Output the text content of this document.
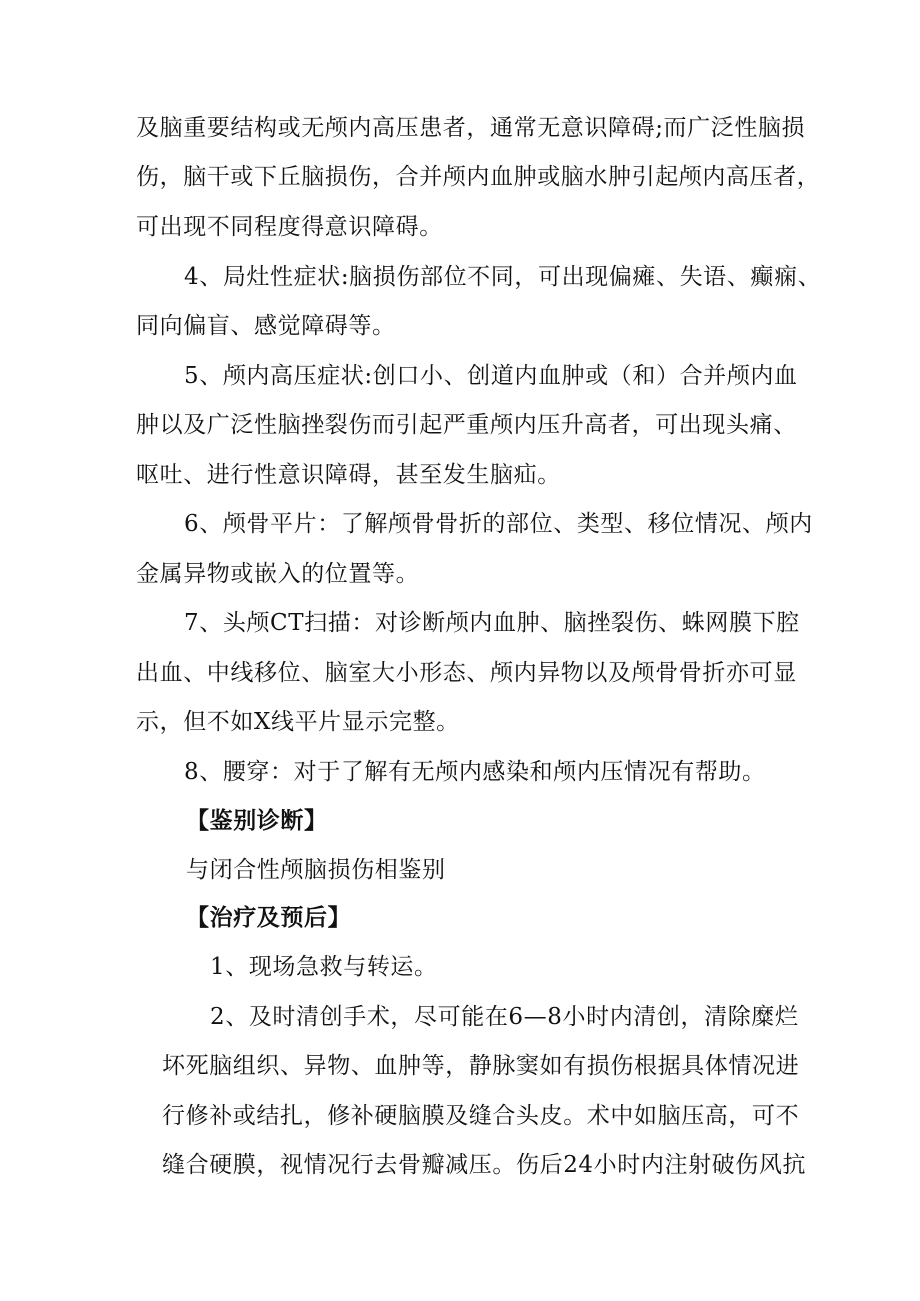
及脑重要结构或无颅内高压患者，通常无意识障碍;而广泛性脑损
伤，脑干或下丘脑损伤，合并颅内血肿或脑水肿引起颅内高压者，
可出现不同程度得意识障碍。
4、局灶性症状:脑损伤部位不同，可出现偏瘫、失语、癫痫、
同向偏盲、感觉障碍等。
5、颅内高压症状:创口小、创道内血肿或（和）合并颅内血
肿以及广泛性脑挫裂伤而引起严重颅内压升高者，可出现头痛、
呕吐、进行性意识障碍，甚至发生脑疝。
6、颅骨平片：了解颅骨骨折的部位、类型、移位情况、颅内
金属异物或嵌入的位置等。
7、头颅CT扫描：对诊断颅内血肿、脑挫裂伤、蛛网膜下腔
出血、中线移位、脑室大小形态、颅内异物以及颅骨骨折亦可显
示，但不如X线平片显示完整。
8、腰穿：对于了解有无颅内感染和颅内压情况有帮助。
【鉴别诊断】
与闭合性颅脑损伤相鉴别
【治疗及预后】
1、现场急救与转运。
2、及时清创手术，尽可能在6—8小时内清创，清除糜烂
坏死脑组织、异物、血肿等，静脉窦如有损伤根据具体情况进
行修补或结扎，修补硬脑膜及缝合头皮。术中如脑压高，可不
缝合硬膜，视情况行去骨瓣减压。伤后24小时内注射破伤风抗
